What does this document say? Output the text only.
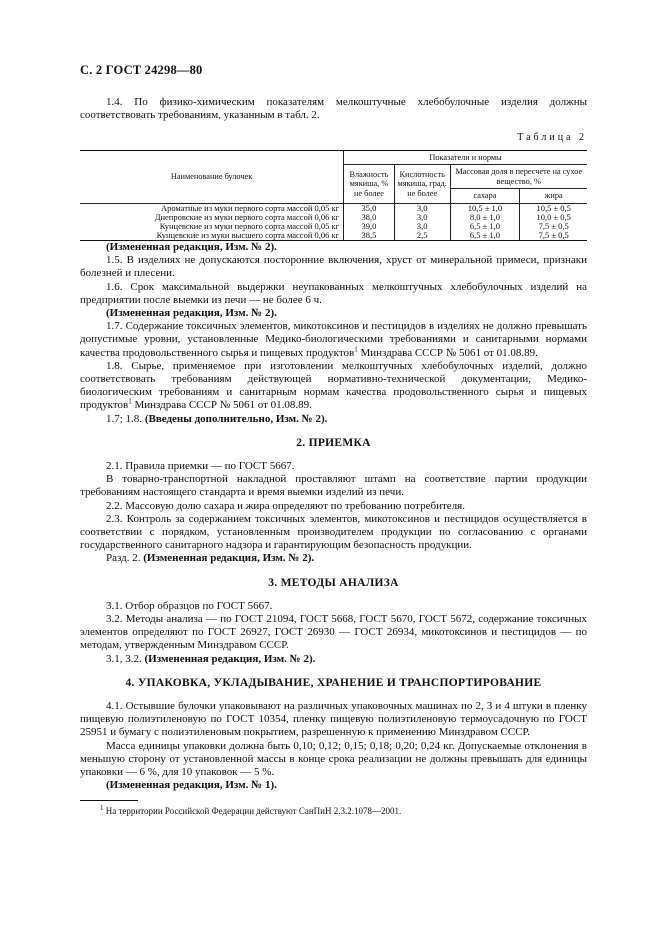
С. 2 ГОСТ 24298—80

1.4. По физико-химическим показателям мелкоштучные хлебобулочные изделия должны соответствовать требованиям, указанным в табл. 2.

Таблица 2
Наименование булочек	Показатели и нормы			
	Влажность мякиша, % не более	Кислотность мякиша, град. не более	Массовая доля в пересчете на сухое вещество, %	
			сахара	жира
Ароматные из муки первого сорта массой 0,05 кг	35,0	3,0	10,5 ± 1,0	10,5 ± 0,5
Днепровские из муки первого сорта массой 0,06 кг	38,0	3,0	8,0 ± 1,0	10,0 ± 0,5
Кунцевские из муки первого сорта массой 0,05 кг	39,0	3,0	6,5 ± 1,0	7,5 ± 0,5
Кунцевские из муки высшего сорта массой 0,06 кг	38,5	2,5	6,5 ± 1,0	7,5 ± 0,5

(Измененная редакция, Изм. № 2).

1.5. В изделиях не допускаются посторонние включения, хруст от минеральной примеси, признаки болезней и плесени.

1.6. Срок максимальной выдержки неупакованных мелкоштучных хлебобулочных изделий на предприятии после выемки из печи — не более 6 ч.

(Измененная редакция, Изм. № 2).

1.7. Содержание токсичных элементов, микотоксинов и пестицидов в изделиях не должно превышать допустимые уровни, установленные Медико-биологическими требованиями и санитарными нормами качества продовольственного сырья и пищевых продуктов$^1$ Минздрава СССР № 5061 от 01.08.89.

1.8. Сырье, применяемое при изготовлении мелкоштучных хлебобулочных изделий, должно соответствовать требованиям действующей нормативно-технической документации, Медико-биологическим требованиям и санитарным нормам качества продовольственного сырья и пищевых продуктов$^1$ Минздрава СССР № 5061 от 01.08.89.

1.7; 1.8. (Введены дополнительно, Изм. № 2).

2. ПРИЕМКА

2.1. Правила приемки — по ГОСТ 5667.

В товарно-транспортной накладной проставляют штамп на соответствие партии продукции требованиям настоящего стандарта и время выемки изделий из печи.

2.2. Массовую долю сахара и жира определяют по требованию потребителя.

2.3. Контроль за содержанием токсичных элементов, микотоксинов и пестицидов осуществляется в соответствии с порядком, установленным производителем продукции по согласованию с органами государственного санитарного надзора и гарантирующим безопасность продукции.

Разд. 2. (Измененная редакция, Изм. № 2).

3. МЕТОДЫ АНАЛИЗА

3.1. Отбор образцов по ГОСТ 5667.

3.2. Методы анализа — по ГОСТ 21094, ГОСТ 5668, ГОСТ 5670, ГОСТ 5672, содержание токсичных элементов определяют по ГОСТ 26927, ГОСТ 26930 — ГОСТ 26934, микотоксинов и пестицидов — по методам, утвержденным Минздравом СССР.

3.1, 3.2. (Измененная редакция, Изм. № 2).

4. УПАКОВКА, УКЛАДЫВАНИЕ, ХРАНЕНИЕ И ТРАНСПОРТИРОВАНИЕ

4.1. Остывшие булочки упаковывают на различных упаковочных машинах по 2, 3 и 4 штуки в пленку пищевую полиэтиленовую по ГОСТ 10354, пленку пищевую полиэтиленовую термоусадочную по ГОСТ 25951 и бумагу с полиэтиленовым покрытием, разрешенную к применению Минздравом СССР.

Масса единицы упаковки должна быть 0,10; 0,12; 0,15; 0,18; 0,20; 0,24 кг. Допускаемые отклонения в меньшую сторону от установленной массы в конце срока реализации не должны превышать для единицы упаковки — 6 %, для 10 упаковок — 5 %.

(Измененная редакция, Изм. № 1).

$^1$ На территории Российской Федерации действуют СанПиН 2.3.2.1078—2001.
